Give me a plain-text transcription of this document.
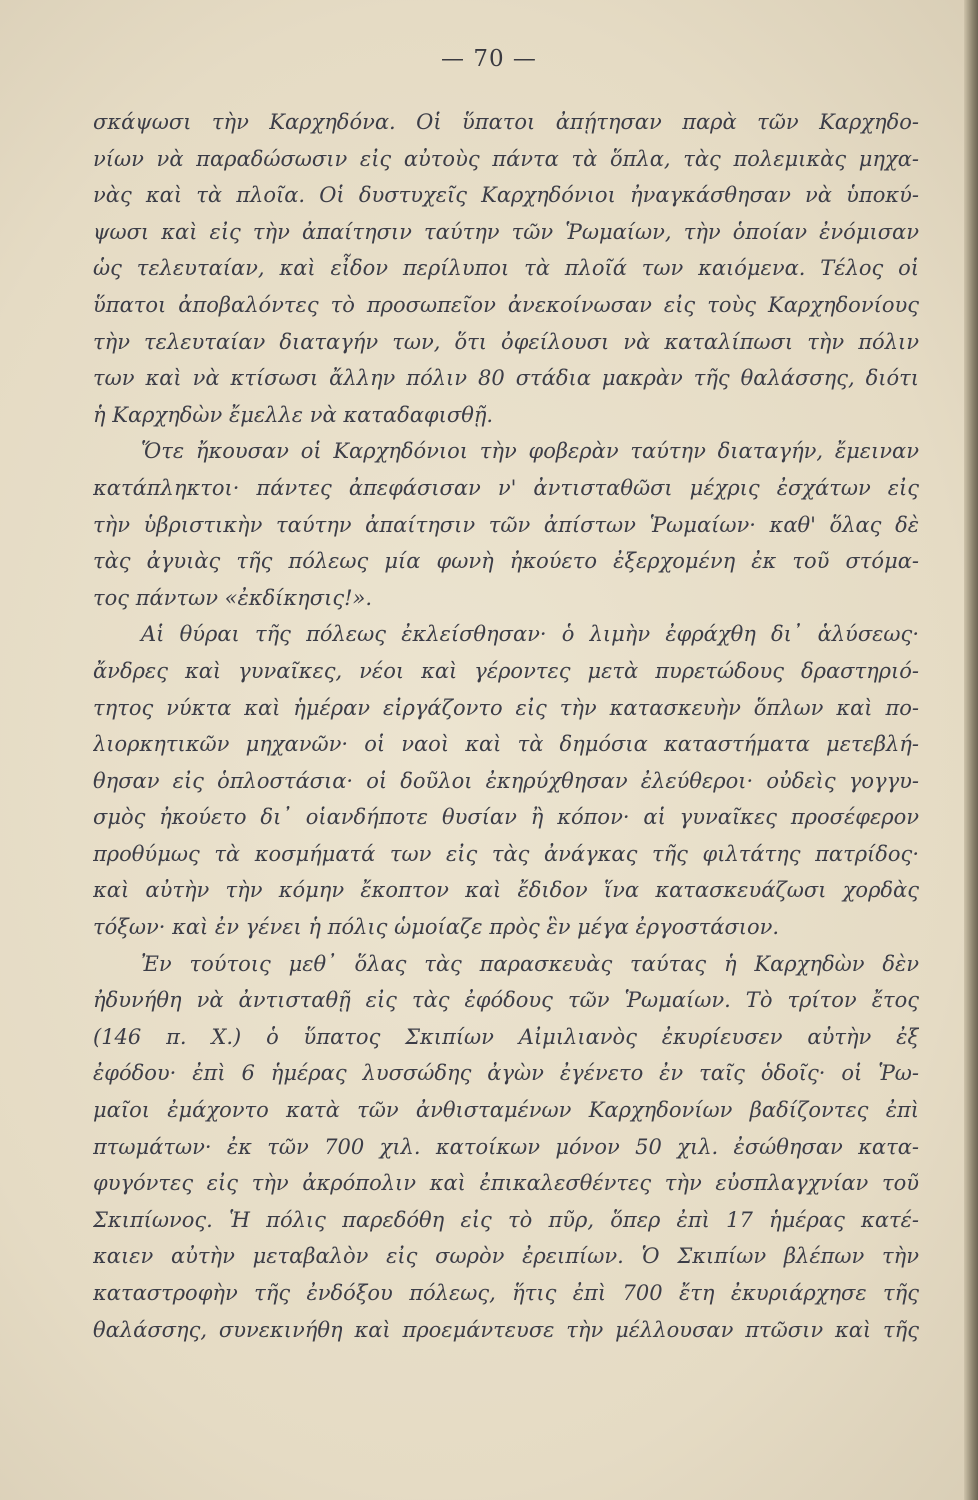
— 70 —
σκάψωσι τὴν Καρχηδόνα. Οἱ ὕπατοι ἀπῄτησαν παρὰ τῶν Καρχηδο-
νίων νὰ παραδώσωσιν εἰς αὐτοὺς πάντα τὰ ὅπλα, τὰς πολεμικὰς μηχα-
νὰς καὶ τὰ πλοῖα. Οἱ δυστυχεῖς Καρχηδόνιοι ἠναγκάσθησαν νὰ ὑποκύ-
ψωσι καὶ εἰς τὴν ἀπαίτησιν ταύτην τῶν Ῥωμαίων, τὴν ὁποίαν ἐνόμισαν
ὡς τελευταίαν, καὶ εἶδον περίλυποι τὰ πλοῖά των καιόμενα. Τέλος οἱ
ὕπατοι ἀποβαλόντες τὸ προσωπεῖον ἀνεκοίνωσαν εἰς τοὺς Καρχηδονίους
τὴν τελευταίαν διαταγήν των, ὅτι ὀφείλουσι νὰ καταλίπωσι τὴν πόλιν
των καὶ νὰ κτίσωσι ἄλλην πόλιν 80 στάδια μακρὰν τῆς θαλάσσης, διότι
ἡ Καρχηδὼν ἔμελλε νὰ καταδαφισθῇ.
Ὅτε ἤκουσαν οἱ Καρχηδόνιοι τὴν φοβερὰν ταύτην διαταγήν, ἔμειναν
κατάπληκτοι· πάντες ἀπεφάσισαν ν' ἀντισταθῶσι μέχρις ἐσχάτων εἰς
τὴν ὑβριστικὴν ταύτην ἀπαίτησιν τῶν ἀπίστων Ῥωμαίων· καθ' ὅλας δὲ
τὰς ἀγυιὰς τῆς πόλεως μία φωνὴ ἠκούετο ἐξερχομένη ἐκ τοῦ στόμα-
τος πάντων «ἐκδίκησις!».
Αἱ θύραι τῆς πόλεως ἐκλείσθησαν· ὁ λιμὴν ἐφράχθη δι᾽ ἁλύσεως·
ἄνδρες καὶ γυναῖκες, νέοι καὶ γέροντες μετὰ πυρετώδους δραστηριό-
τητος νύκτα καὶ ἡμέραν εἰργάζοντο εἰς τὴν κατασκευὴν ὅπλων καὶ πο-
λιορκητικῶν μηχανῶν· οἱ ναοὶ καὶ τὰ δημόσια καταστήματα μετεβλή-
θησαν εἰς ὁπλοστάσια· οἱ δοῦλοι ἐκηρύχθησαν ἐλεύθεροι· οὐδεὶς γογγυ-
σμὸς ἠκούετο δι᾽ οἱανδήποτε θυσίαν ἢ κόπον· αἱ γυναῖκες προσέφερον
προθύμως τὰ κοσμήματά των εἰς τὰς ἀνάγκας τῆς φιλτάτης πατρίδος·
καὶ αὐτὴν τὴν κόμην ἔκοπτον καὶ ἔδιδον ἵνα κατασκευάζωσι χορδὰς
τόξων· καὶ ἐν γένει ἡ πόλις ὡμοίαζε πρὸς ἓν μέγα ἐργοστάσιον.
Ἐν τούτοις μεθ᾽ ὅλας τὰς παρασκευὰς ταύτας ἡ Καρχηδὼν δὲν
ἠδυνήθη νὰ ἀντισταθῇ εἰς τὰς ἐφόδους τῶν Ῥωμαίων. Τὸ τρίτον ἔτος
(146 π. Χ.) ὁ ὕπατος Σκιπίων Αἰμιλιανὸς ἐκυρίευσεν αὐτὴν ἐξ
ἐφόδου· ἐπὶ 6 ἡμέρας λυσσώδης ἀγὼν ἐγένετο ἐν ταῖς ὁδοῖς· οἱ Ῥω-
μαῖοι ἐμάχοντο κατὰ τῶν ἀνθισταμένων Καρχηδονίων βαδίζοντες ἐπὶ
πτωμάτων· ἐκ τῶν 700 χιλ. κατοίκων μόνον 50 χιλ. ἐσώθησαν κατα-
φυγόντες εἰς τὴν ἀκρόπολιν καὶ ἐπικαλεσθέντες τὴν εὐσπλαγχνίαν τοῦ
Σκιπίωνος. Ἡ πόλις παρεδόθη εἰς τὸ πῦρ, ὅπερ ἐπὶ 17 ἡμέρας κατέ-
καιεν αὐτὴν μεταβαλὸν εἰς σωρὸν ἐρειπίων. Ὁ Σκιπίων βλέπων τὴν
καταστροφὴν τῆς ἐνδόξου πόλεως, ἥτις ἐπὶ 700 ἔτη ἐκυριάρχησε τῆς
θαλάσσης, συνεκινήθη καὶ προεμάντευσε τὴν μέλλουσαν πτῶσιν καὶ τῆς
